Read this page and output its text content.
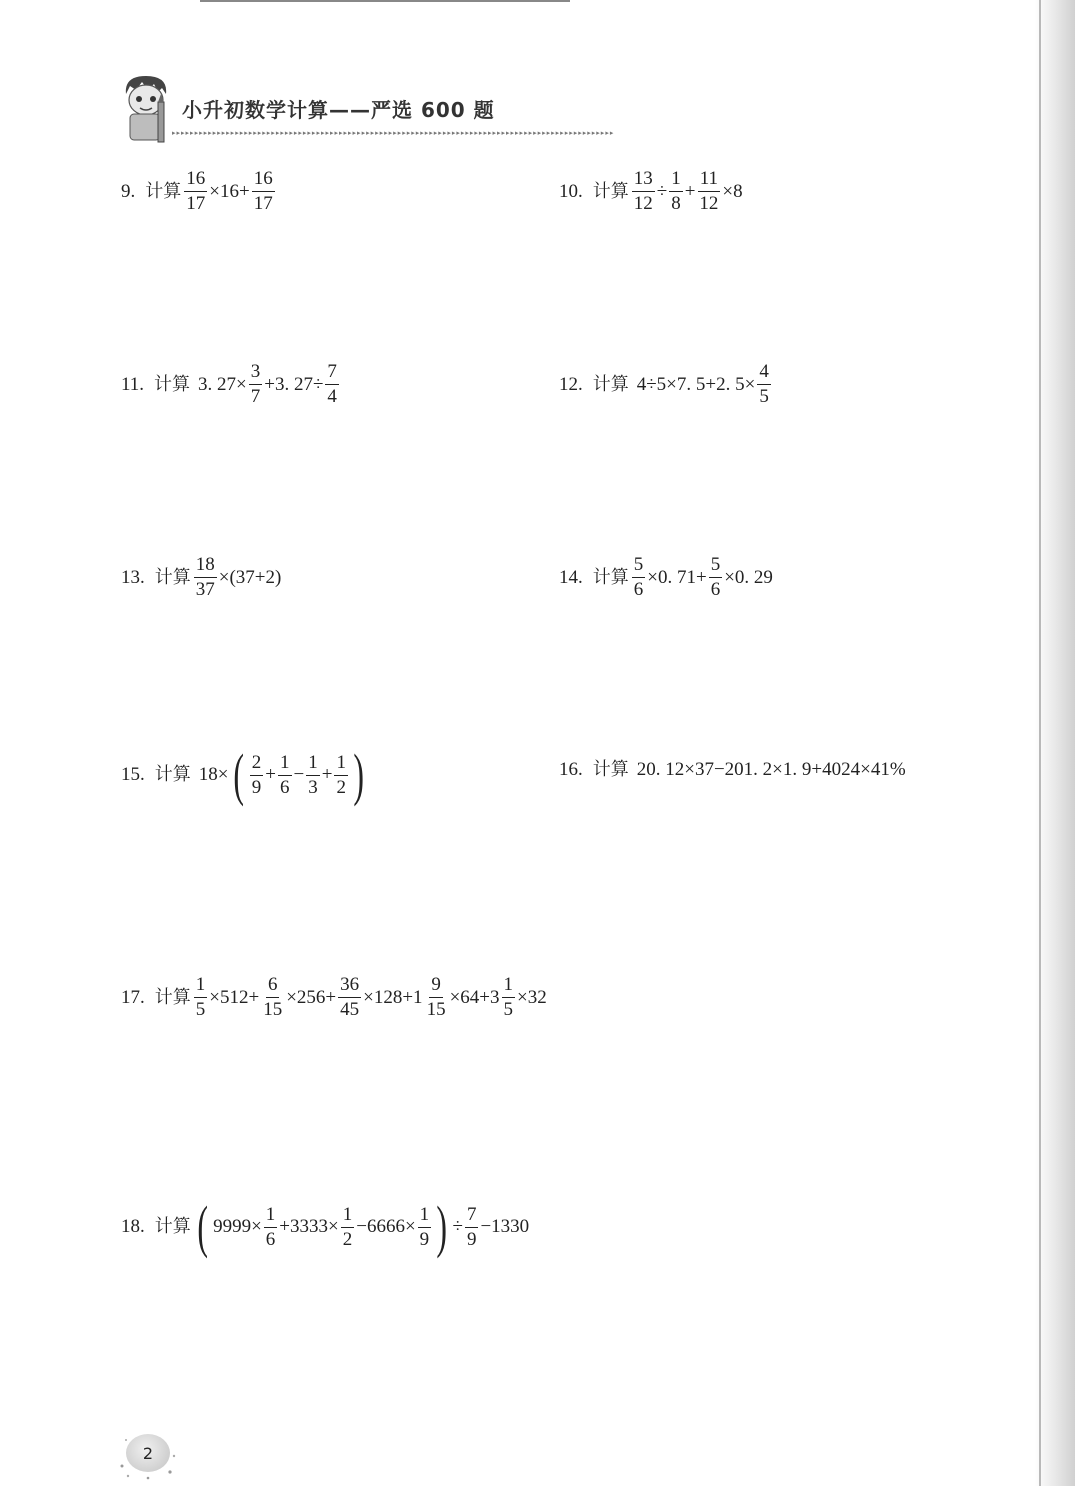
小升初数学计算——严选 600 题
▸▸▸▸▸▸▸▸▸▸▸▸▸▸▸▸▸▸▸▸▸▸▸▸▸▸▸▸▸▸▸▸▸▸▸▸▸▸▸▸▸▸▸▸▸▸▸▸▸▸▸▸▸▸▸▸▸▸▸▸▸▸▸▸▸▸▸▸▸▸▸▸▸▸▸▸▸▸▸▸▸▸▸▸▸▸▸▸▸▸▸▸▸▸▸▸▸▸
9. 计算 $\frac{16}{17} \times 16+ \frac{16}{17}$	10. 计算 $\frac{13}{12} \div \frac{1}{8} + \frac{11}{12} \times 8$
11. 计算 3. $27\times \frac{3}{7} +3$. $27\div \frac{7}{4}$	12. 计算 4÷5×7. 5+2. $5\times \frac{4}{5}$
13. 计算 $\frac{18}{37} \times(37+2)$	14. 计算 $\frac{5}{6} \times 0$. $71+ \frac{5}{6} \times 0$. 29
15. 计算 18× ( $\frac{2}{9} + \frac{1}{6} - \frac{1}{3} + \frac{1}{2}$ )	16. 计算 20. 12×37−201. 2×1. 9+4024×41%
17. 计算 $\frac{1}{5} \times 512+ \frac{6}{15} \times 256+ \frac{36}{45} \times 128+1 \frac{9}{15} \times 64+3 \frac{1}{5} \times 32$
18. 计算 ( $9999\times \frac{1}{6} +3333\times \frac{1}{2} -6666\times \frac{1}{9}$ ) ÷ $\frac{7}{9} -1330$
2
